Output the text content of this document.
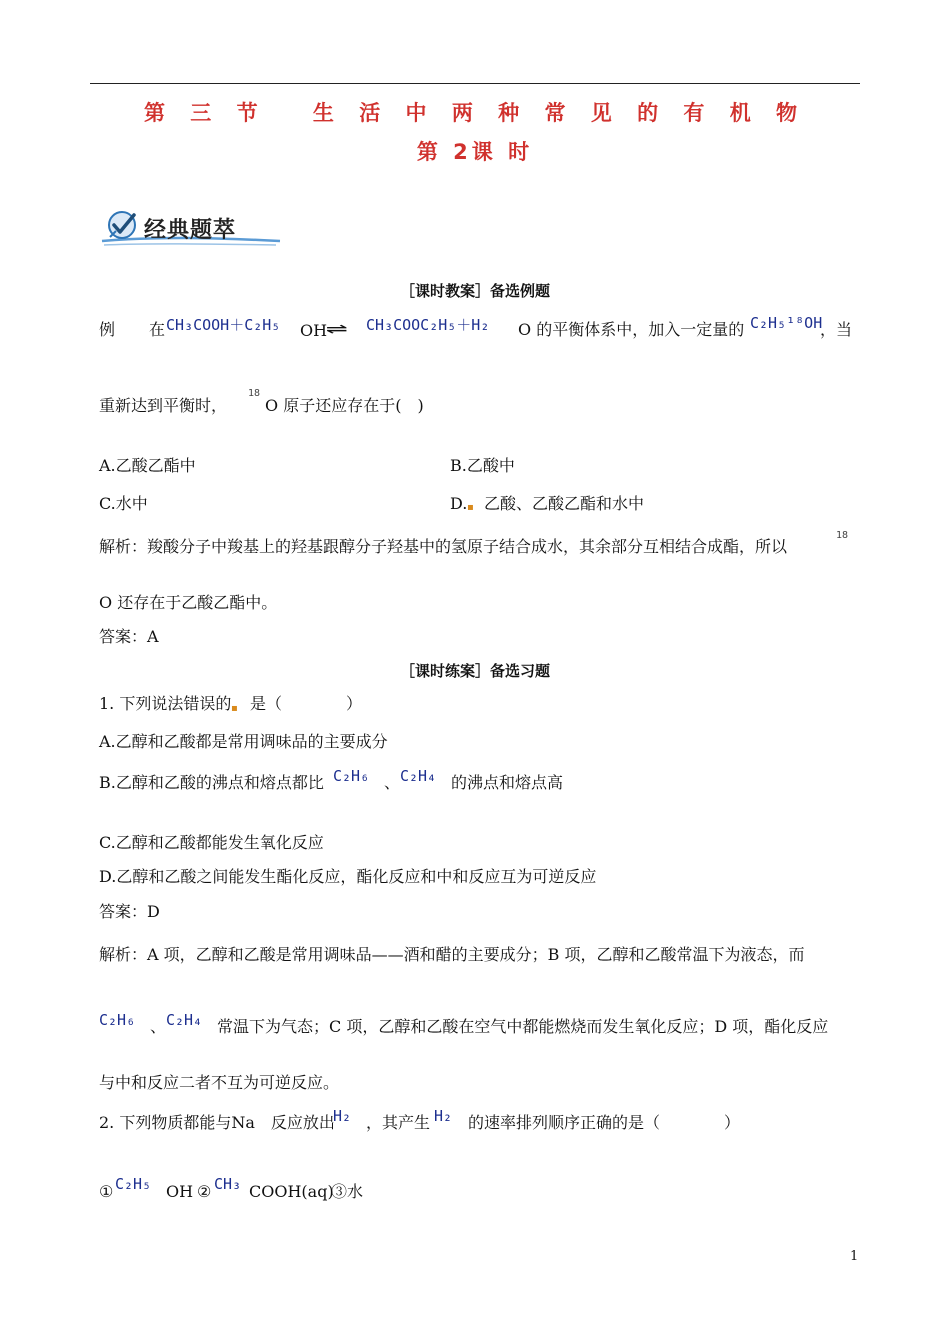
第 三 节　 生 活 中 两 种 常 见 的 有 机 物
第 2课 时
经典题萃
［课时教案］备选例题
例 在 CH₃COOH＋C₂H₅ OH
⇌ CH₃COOC₂H₅＋H₂ O 的平衡体系中，加入一定量的 C₂H₅¹⁸OH
，当
重新达到平衡时，
18
O 原子还应存在于(　)
A.乙酸乙酯中	B.乙酸中
C.水中	D. ▪ 乙酸、乙酸乙酯和水中
解析：羧酸分子中羧基上的羟基跟醇分子羟基中的氢原子结合成水，其余部分互相结合成酯，所以
18
O 还存在于乙酸乙酯中。
答案：A
［课时练案］备选习题
1. 下列说法错误的 ▪ 是（　　　　）
A.乙醇和乙酸都是常用调味品的主要成分
B.乙醇和乙酸的沸点和熔点都比 C₂H₆ 、 C₂H₄ 的沸点和熔点高
C.乙醇和乙酸都能发生氧化反应
D.乙醇和乙酸之间能发生酯化反应，酯化反应和中和反应互为可逆反应
答案：D
解析：A 项，乙醇和乙酸是常用调味品——酒和醋的主要成分；B 项，乙醇和乙酸常温下为液态，而
C₂H₆ 、 C₂H₄ 常温下为气态；C 项，乙醇和乙酸在空气中都能燃烧而发生氧化反应；D 项，酯化反应
与中和反应二者不互为可逆反应。
2. 下列物质都能与Na　反应放出
H₂ ，其产生 H₂ 的速率排列顺序正确的是（　　　　）
① C₂H₅ OH ② CH₃ COOH(aq)
③水
1
